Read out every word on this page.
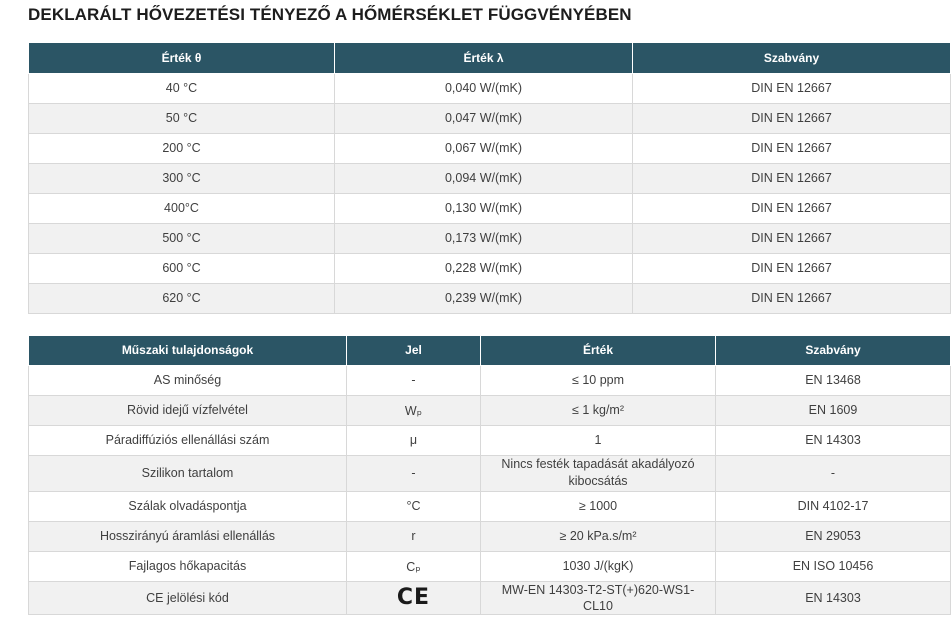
DEKLARÁLT HŐVEZETÉSI TÉNYEZŐ A HŐMÉRSÉKLET FÜGGVÉNYÉBEN
Érték θ	Érték λ	Szabvány
40 °C	0,040 W/(mK)	DIN EN 12667
50 °C	0,047 W/(mK)	DIN EN 12667
200 °C	0,067 W/(mK)	DIN EN 12667
300 °C	0,094 W/(mK)	DIN EN 12667
400°C	0,130 W/(mK)	DIN EN 12667
500 °C	0,173 W/(mK)	DIN EN 12667
600 °C	0,228 W/(mK)	DIN EN 12667
620 °C	0,239 W/(mK)	DIN EN 12667
Műszaki tulajdonságok	Jel	Érték	Szabvány
AS minőség	-	≤ 10 ppm	EN 13468
Rövid idejű vízfelvétel	Wₚ	≤ 1 kg/m²	EN 1609
Páradiffúziós ellenállási szám	μ	1	EN 14303
Szilikon tartalom	-	Nincs festék tapadását akadályozó kibocsátás	-
Szálak olvadáspontja	°C	≥ 1000	DIN 4102-17
Hosszirányú áramlási ellenállás	r	≥ 20 kPa.s/m²	EN 29053
Fajlagos hőkapacitás	Cₚ	1030 J/(kgK)	EN ISO 10456
CE jelölési kód	CE	MW-EN 14303-T2-ST(+)620-WS1-CL10	EN 14303
